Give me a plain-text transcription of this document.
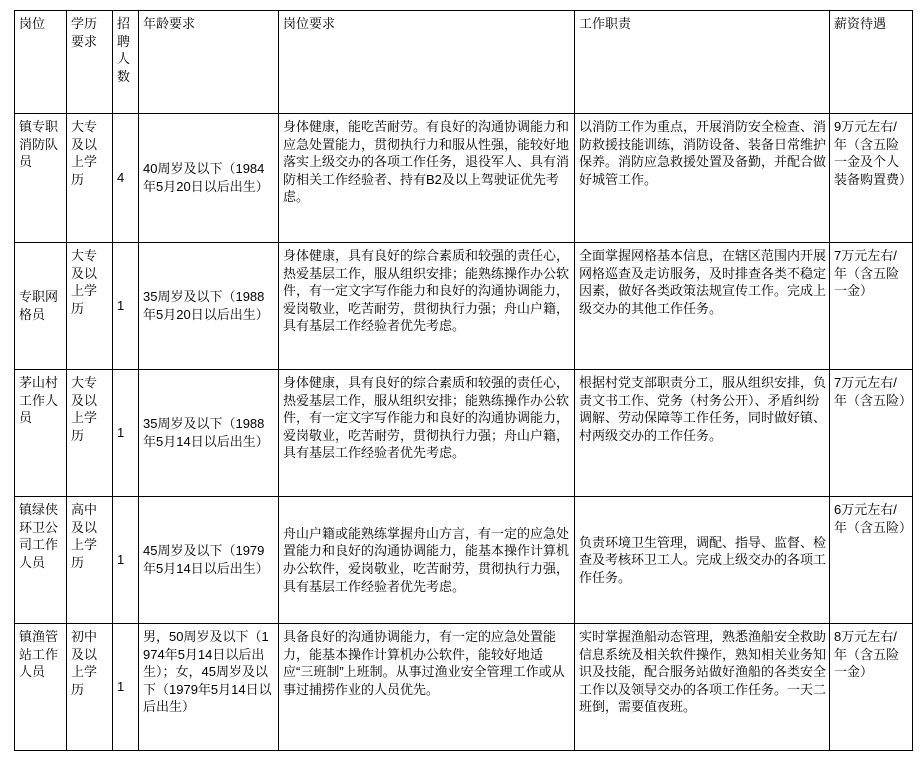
岗位	学历要求	招聘人数	年龄要求	岗位要求	工作职责	薪资待遇

镇专职消防队员	大专及以上学历	4	40周岁及以下（1984年5月20日以后出生）	身体健康，能吃苦耐劳。有良好的沟通协调能力和应急处置能力，贯彻执行力和服从性强，能较好地落实上级交办的各项工作任务，退役军人、具有消防相关工作经验者、持有B2及以上驾驶证优先考虑。	以消防工作为重点，开展消防安全检查、消防救援技能训练，消防设备、装备日常维护保养。消防应急救援处置及备勤，并配合做好城管工作。	9万元左右/年（含五险一金及个人装备购置费）
专职网格员	大专及以上学历	1	35周岁及以下（1988年5月20日以后出生）	身体健康，具有良好的综合素质和较强的责任心，热爱基层工作，服从组织安排；能熟练操作办公软件，有一定文字写作能力和良好的沟通协调能力，爱岗敬业，吃苦耐劳，贯彻执行力强；舟山户籍，具有基层工作经验者优先考虑。	全面掌握网格基本信息，在辖区范围内开展网格巡查及走访服务，及时排查各类不稳定因素，做好各类政策法规宣传工作。完成上级交办的其他工作任务。	7万元左右/年（含五险一金）
茅山村工作人员	大专及以上学历	1	35周岁及以下（1988年5月14日以后出生）	身体健康，具有良好的综合素质和较强的责任心，热爱基层工作，服从组织安排；能熟练操作办公软件，有一定文字写作能力和良好的沟通协调能力，爱岗敬业，吃苦耐劳，贯彻执行力强；舟山户籍，具有基层工作经验者优先考虑。	根据村党支部职责分工，服从组织安排，负责文书工作、党务（村务公开）、矛盾纠纷调解、劳动保障等工作任务，同时做好镇、村两级交办的工作任务。	7万元左右/年（含五险）
镇绿侠环卫公司工作人员	高中及以上学历	1	45周岁及以下（1979年5月14日以后出生）	舟山户籍或能熟练掌握舟山方言，有一定的应急处置能力和良好的沟通协调能力，能基本操作计算机办公软件，爱岗敬业，吃苦耐劳，贯彻执行力强，具有基层工作经验者优先考虑。	负责环境卫生管理，调配、指导、监督、检查及考核环卫工人。完成上级交办的各项工作任务。	6万元左右/年（含五险）
镇渔管站工作人员	初中及以上学历	1	男，50周岁及以下（1974年5月14日以后出生）；女，45周岁及以下（1979年5月14日以后出生）	具备良好的沟通协调能力，有一定的应急处置能力，能基本操作计算机办公软件，能较好地适应“三班制”上班制。从事过渔业安全管理工作或从事过捕捞作业的人员优先。	实时掌握渔船动态管理，熟悉渔船安全救助信息系统及相关软件操作，熟知相关业务知识及技能，配合服务站做好渔船的各类安全工作以及领导交办的各项工作任务。一天二班倒，需要值夜班。	8万元左右/年（含五险一金）
